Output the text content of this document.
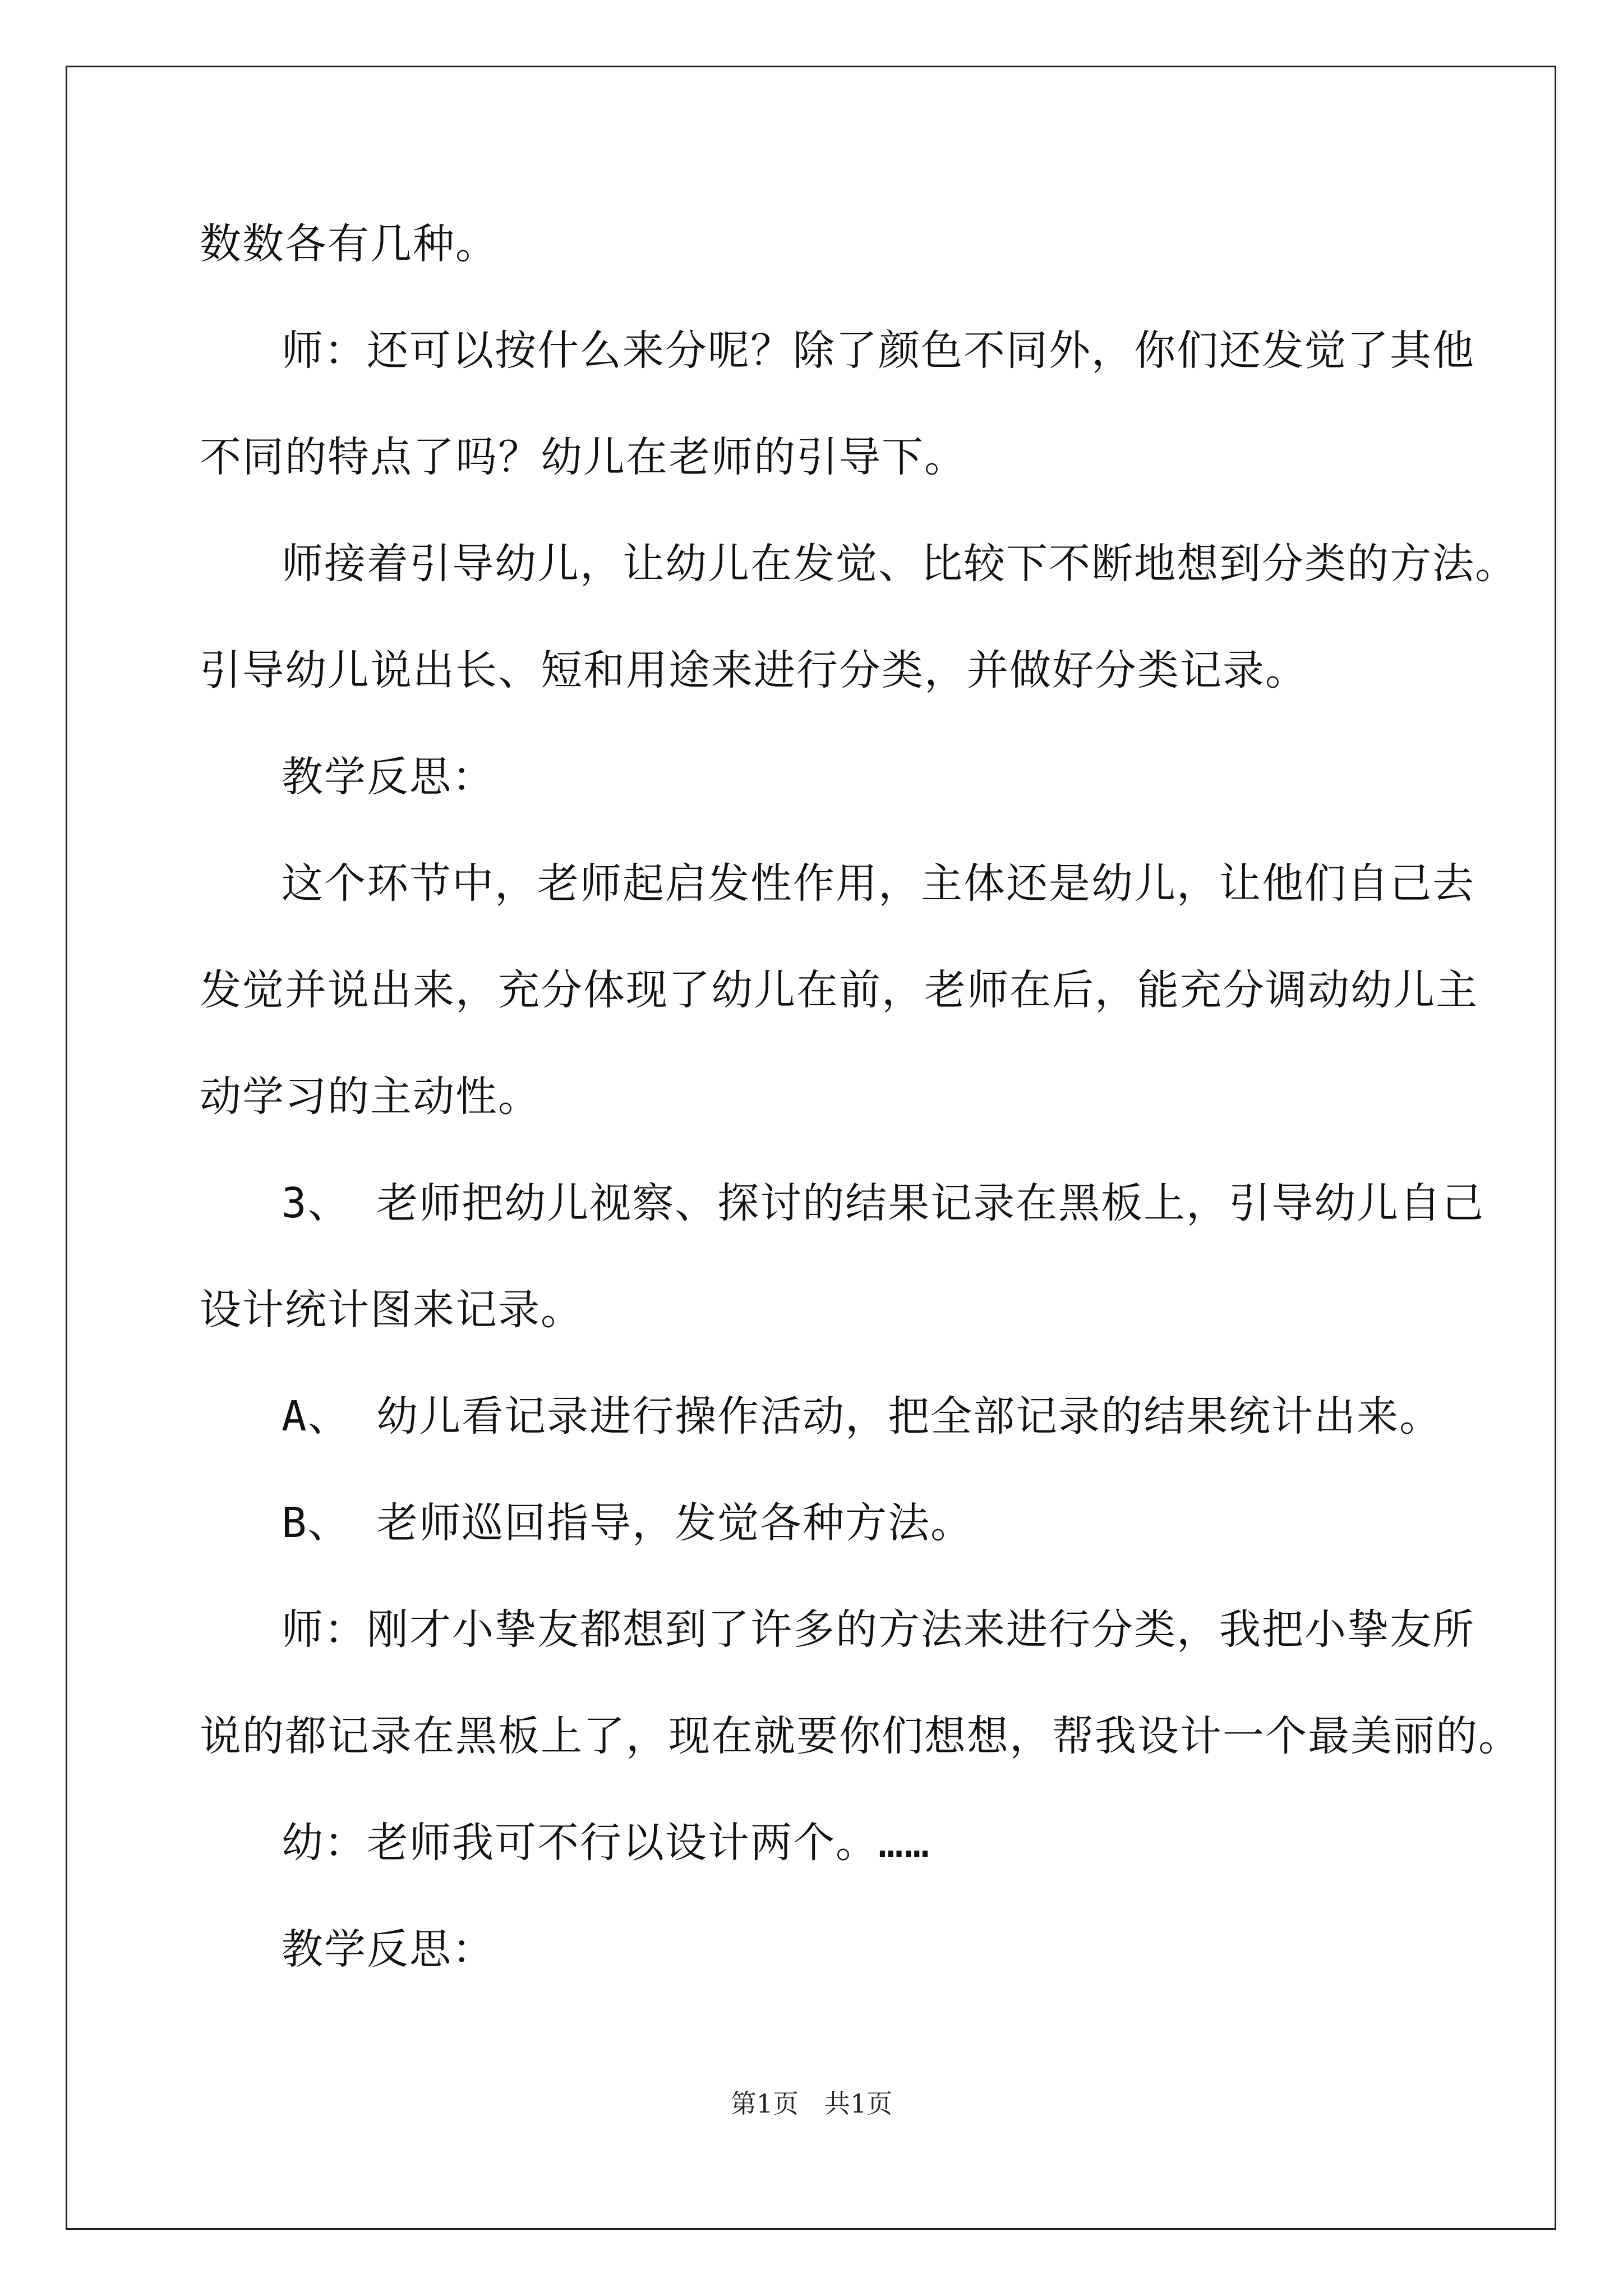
数数各有几种。
师：还可以按什么来分呢？除了颜色不同外，你们还发觉了其他
不同的特点了吗？幼儿在老师的引导下。
师接着引导幼儿，让幼儿在发觉、比较下不断地想到分类的方法。
引导幼儿说出长、短和用途来进行分类，并做好分类记录。
教学反思：
这个环节中，老师起启发性作用，主体还是幼儿，让他们自己去
发觉并说出来，充分体现了幼儿在前，老师在后，能充分调动幼儿主
动学习的主动性。
3、 老师把幼儿视察、探讨的结果记录在黑板上，引导幼儿自己
设计统计图来记录。
A、 幼儿看记录进行操作活动，把全部记录的结果统计出来。
B、 老师巡回指导，发觉各种方法。
师：刚才小挚友都想到了许多的方法来进行分类，我把小挚友所
说的都记录在黑板上了，现在就要你们想想，帮我设计一个最美丽的。
幼：老师我可不行以设计两个。……
教学反思：
第1页　共1页
